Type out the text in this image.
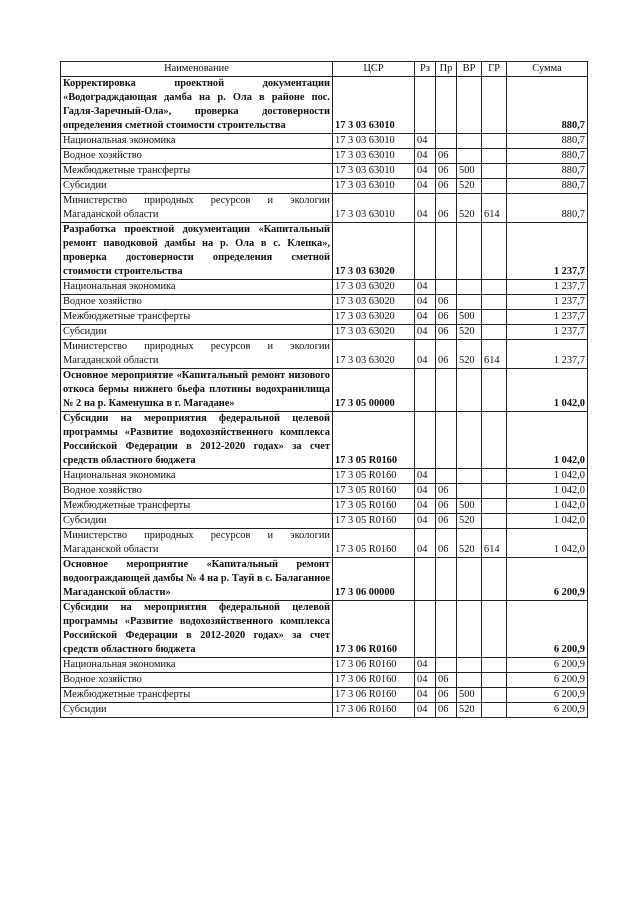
Наименование	ЦСР	Рз	Пр	ВР	ГР	Сумма
Корректировка проектной документации «Водоградждающая дамба на р. Ола в районе пос. Гадля-Заречный-Ола», проверка достоверности определения сметной стоимости строительства	17 3 03 63010					880,7
Национальная экономика	17 3 03 63010	04				880,7
Водное хозяйство	17 3 03 63010	04	06			880,7
Межбюджетные трансферты	17 3 03 63010	04	06	500		880,7
Субсидии	17 3 03 63010	04	06	520		880,7
Министерство природных ресурсов и экологии Магаданской области	17 3 03 63010	04	06	520	614	880,7
Разработка проектной документации «Капитальный ремонт паводковой дамбы на р. Ола в с. Клепка», проверка достоверности определения сметной стоимости строительства	17 3 03 63020					1 237,7
Национальная экономика	17 3 03 63020	04				1 237,7
Водное хозяйство	17 3 03 63020	04	06			1 237,7
Межбюджетные трансферты	17 3 03 63020	04	06	500		1 237,7
Субсидии	17 3 03 63020	04	06	520		1 237,7
Министерство природных ресурсов и экологии Магаданской области	17 3 03 63020	04	06	520	614	1 237,7
Основное мероприятие «Капитальный ремонт низового откоса бермы нижнего бьефа плотины водохранилища № 2 на р. Каменушка в г. Магадане»	17 3 05 00000					1 042,0
Субсидии на мероприятия федеральной целевой программы «Развитие водохозяйственного комплекса Российской Федерации в 2012-2020 годах» за счет средств областного бюджета	17 3 05 R0160					1 042,0
Национальная экономика	17 3 05 R0160	04				1 042,0
Водное хозяйство	17 3 05 R0160	04	06			1 042,0
Межбюджетные трансферты	17 3 05 R0160	04	06	500		1 042,0
Субсидии	17 3 05 R0160	04	06	520		1 042,0
Министерство природных ресурсов и экологии Магаданской области	17 3 05 R0160	04	06	520	614	1 042,0
Основное мероприятие «Капитальный ремонт водоограждающей дамбы № 4 на р. Тауй в с. Балаганное Магаданской области»	17 3 06 00000					6 200,9
Субсидии на мероприятия федеральной целевой программы «Развитие водохозяйственного комплекса Российской Федерации в 2012-2020 годах» за счет средств областного бюджета	17 3 06 R0160					6 200,9
Национальная экономика	17 3 06 R0160	04				6 200,9
Водное хозяйство	17 3 06 R0160	04	06			6 200,9
Межбюджетные трансферты	17 3 06 R0160	04	06	500		6 200,9
Субсидии	17 3 06 R0160	04	06	520		6 200,9
